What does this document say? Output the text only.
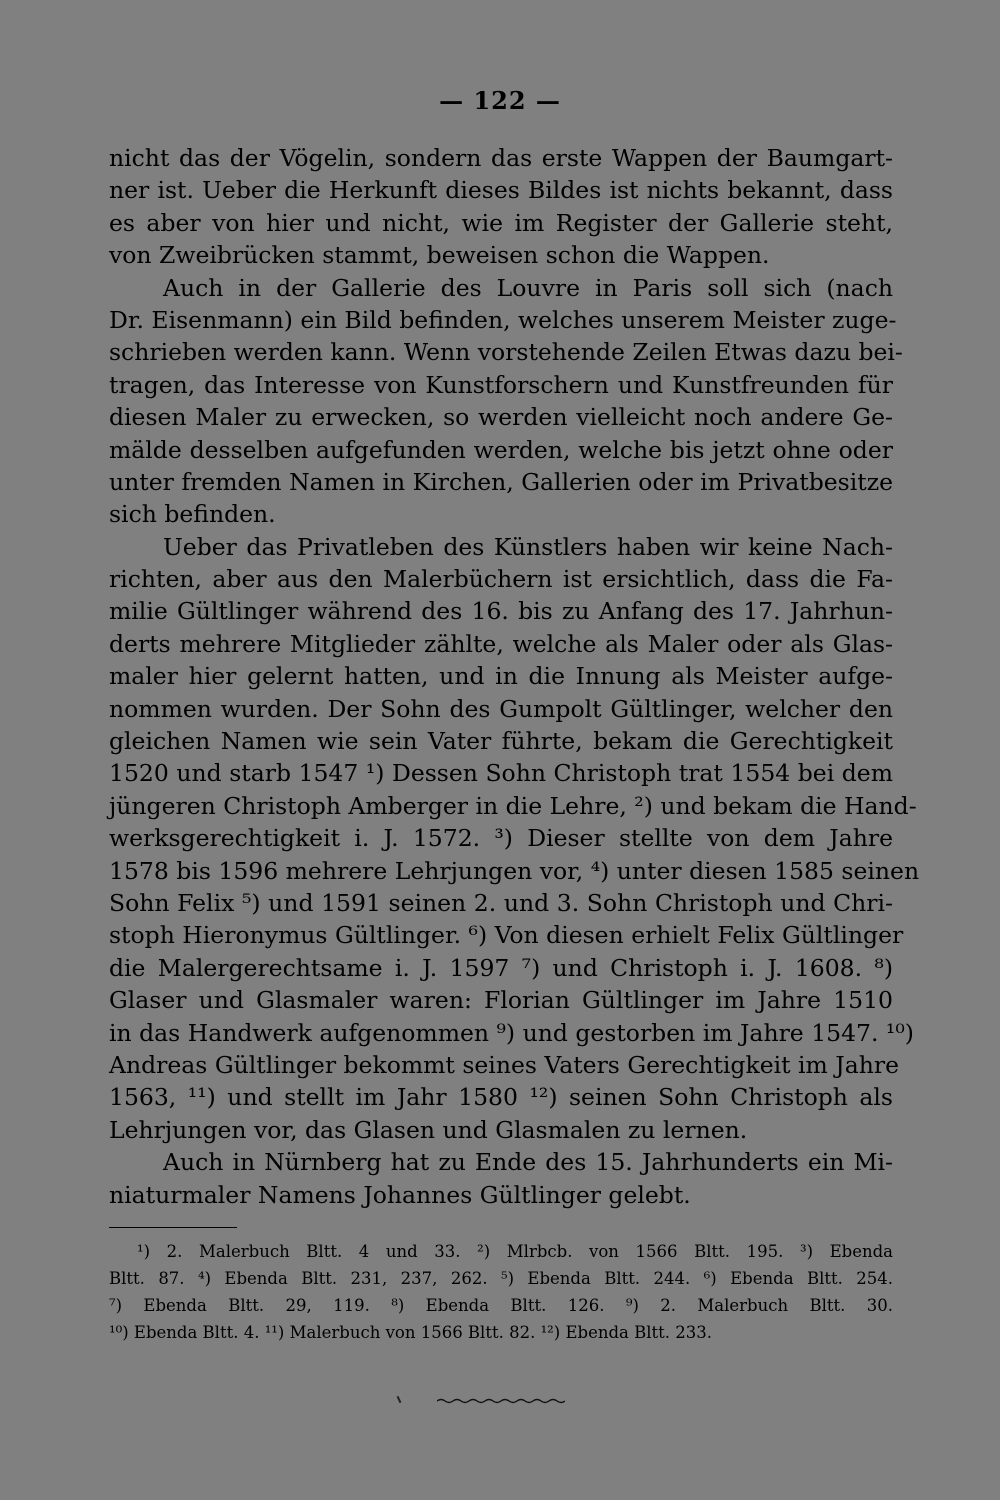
— 122 —
nicht das der Vögelin, sondern das erste Wappen der Baumgart-
ner ist. Ueber die Herkunft dieses Bildes ist nichts bekannt, dass
es aber von hier und nicht, wie im Register der Gallerie steht,
von Zweibrücken stammt, beweisen schon die Wappen.
Auch in der Gallerie des Louvre in Paris soll sich (nach
Dr. Eisenmann) ein Bild befinden, welches unserem Meister zuge-
schrieben werden kann. Wenn vorstehende Zeilen Etwas dazu bei-
tragen, das Interesse von Kunstforschern und Kunstfreunden für
diesen Maler zu erwecken, so werden vielleicht noch andere Ge-
mälde desselben aufgefunden werden, welche bis jetzt ohne oder
unter fremden Namen in Kirchen, Gallerien oder im Privatbesitze
sich befinden.
Ueber das Privatleben des Künstlers haben wir keine Nach-
richten, aber aus den Malerbüchern ist ersichtlich, dass die Fa-
milie Gültlinger während des 16. bis zu Anfang des 17. Jahrhun-
derts mehrere Mitglieder zählte, welche als Maler oder als Glas-
maler hier gelernt hatten, und in die Innung als Meister aufge-
nommen wurden. Der Sohn des Gumpolt Gültlinger, welcher den
gleichen Namen wie sein Vater führte, bekam die Gerechtigkeit
1520 und starb 1547 ¹) Dessen Sohn Christoph trat 1554 bei dem
jüngeren Christoph Amberger in die Lehre, ²) und bekam die Hand-
werksgerechtigkeit i. J. 1572. ³) Dieser stellte von dem Jahre
1578 bis 1596 mehrere Lehrjungen vor, ⁴) unter diesen 1585 seinen
Sohn Felix ⁵) und 1591 seinen 2. und 3. Sohn Christoph und Chri-
stoph Hieronymus Gültlinger. ⁶) Von diesen erhielt Felix Gültlinger
die Malergerechtsame i. J. 1597 ⁷) und Christoph i. J. 1608. ⁸)
Glaser und Glasmaler waren: Florian Gültlinger im Jahre 1510
in das Handwerk aufgenommen ⁹) und gestorben im Jahre 1547. ¹⁰)
Andreas Gültlinger bekommt seines Vaters Gerechtigkeit im Jahre
1563, ¹¹) und stellt im Jahr 1580 ¹²) seinen Sohn Christoph als
Lehrjungen vor, das Glasen und Glasmalen zu lernen.
Auch in Nürnberg hat zu Ende des 15. Jahrhunderts ein Mi-
niaturmaler Namens Johannes Gültlinger gelebt.
¹) 2. Malerbuch Bltt. 4 und 33. ²) Mlrbcb. von 1566 Bltt. 195. ³) Ebenda
Bltt. 87. ⁴) Ebenda Bltt. 231, 237, 262. ⁵) Ebenda Bltt. 244. ⁶) Ebenda Bltt. 254.
⁷) Ebenda Bltt. 29, 119. ⁸) Ebenda Bltt. 126. ⁹) 2. Malerbuch Bltt. 30.
¹⁰) Ebenda Bltt. 4. ¹¹) Malerbuch von 1566 Bltt. 82. ¹²) Ebenda Bltt. 233.
